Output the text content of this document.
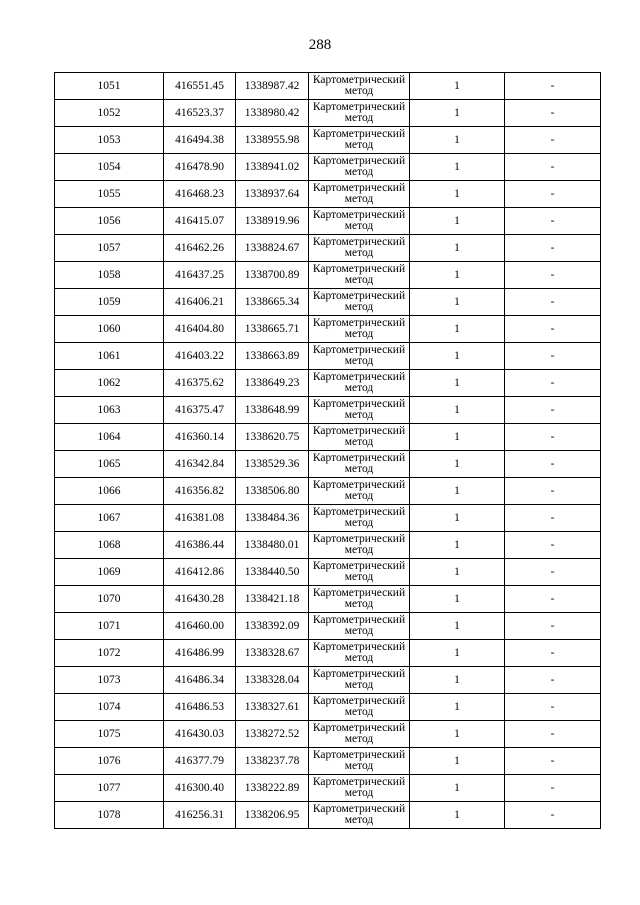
288
1051	416551.45	1338987.42	Картометрический
метод	1	-
1052	416523.37	1338980.42	Картометрический
метод	1	-
1053	416494.38	1338955.98	Картометрический
метод	1	-
1054	416478.90	1338941.02	Картометрический
метод	1	-
1055	416468.23	1338937.64	Картометрический
метод	1	-
1056	416415.07	1338919.96	Картометрический
метод	1	-
1057	416462.26	1338824.67	Картометрический
метод	1	-
1058	416437.25	1338700.89	Картометрический
метод	1	-
1059	416406.21	1338665.34	Картометрический
метод	1	-
1060	416404.80	1338665.71	Картометрический
метод	1	-
1061	416403.22	1338663.89	Картометрический
метод	1	-
1062	416375.62	1338649.23	Картометрический
метод	1	-
1063	416375.47	1338648.99	Картометрический
метод	1	-
1064	416360.14	1338620.75	Картометрический
метод	1	-
1065	416342.84	1338529.36	Картометрический
метод	1	-
1066	416356.82	1338506.80	Картометрический
метод	1	-
1067	416381.08	1338484.36	Картометрический
метод	1	-
1068	416386.44	1338480.01	Картометрический
метод	1	-
1069	416412.86	1338440.50	Картометрический
метод	1	-
1070	416430.28	1338421.18	Картометрический
метод	1	-
1071	416460.00	1338392.09	Картометрический
метод	1	-
1072	416486.99	1338328.67	Картометрический
метод	1	-
1073	416486.34	1338328.04	Картометрический
метод	1	-
1074	416486.53	1338327.61	Картометрический
метод	1	-
1075	416430.03	1338272.52	Картометрический
метод	1	-
1076	416377.79	1338237.78	Картометрический
метод	1	-
1077	416300.40	1338222.89	Картометрический
метод	1	-
1078	416256.31	1338206.95	Картометрический
метод	1	-
